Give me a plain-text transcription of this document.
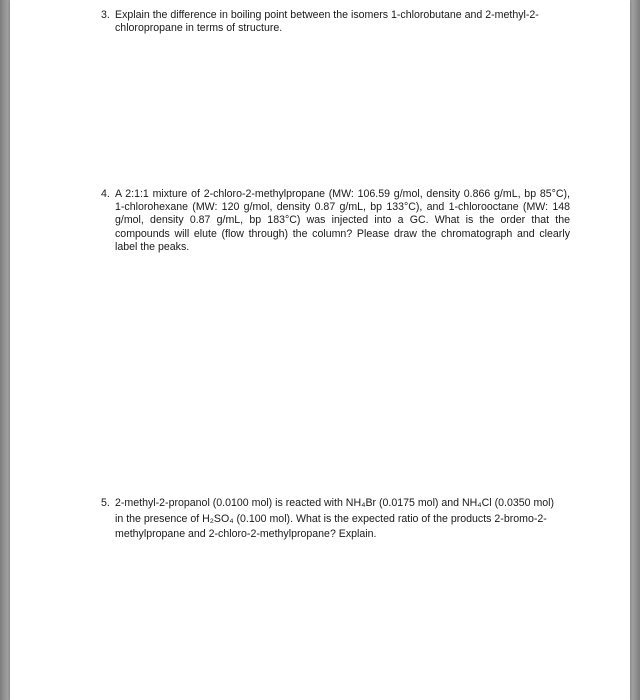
3. Explain the difference in boiling point between the isomers 1-chlorobutane and 2-methyl-2-chloropropane in terms of structure.
4. A 2:1:1 mixture of 2-chloro-2-methylpropane (MW: 106.59 g/mol, density 0.866 g/mL, bp 85°C), 1-chlorohexane (MW: 120 g/mol, density 0.87 g/mL, bp 133°C), and 1-chlorooctane (MW: 148 g/mol, density 0.87 g/mL, bp 183°C) was injected into a GC. What is the order that the compounds will elute (flow through) the column? Please draw the chromatograph and clearly label the peaks.
5. 2-methyl-2-propanol (0.0100 mol) is reacted with NH₄Br (0.0175 mol) and NH₄Cl (0.0350 mol) in the presence of H₂SO₄ (0.100 mol). What is the expected ratio of the products 2-bromo-2-methylpropane and 2-chloro-2-methylpropane? Explain.
